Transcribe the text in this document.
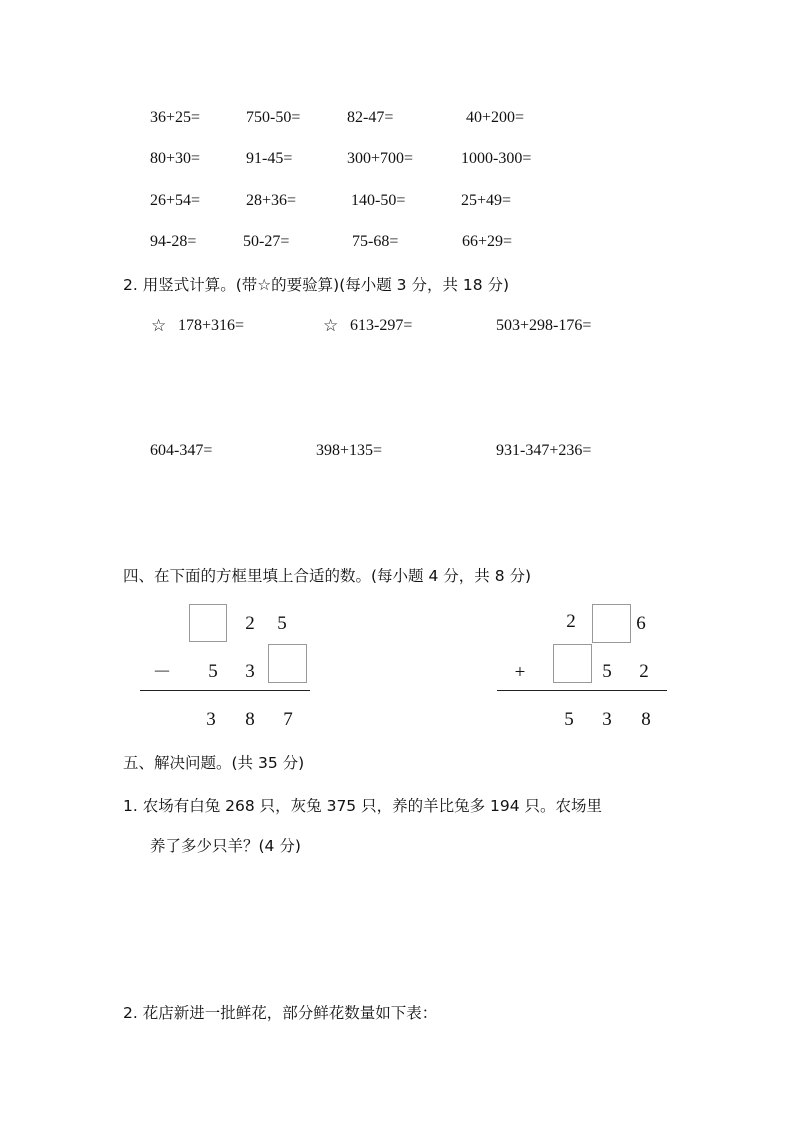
36+25=	750-50=	82-47=	40+200=
80+30=	91-45=	300+700=	1000-300=
26+54=	28+36=	140-50=	25+49=
94-28=	50-27=	75-68=	66+29=
2. 用竖式计算。(带☆的要验算)(每小题 3 分，共 18 分)
☆ 178+316=	☆ 613-297=	503+298-176=
604-347=	398+135=	931-347+236=
四、在下面的方框里填上合适的数。(每小题 4 分，共 8 分)
2 5
－ 5 3
3 8 7
2	6
+	5 2
5 3 8
五、解决问题。(共 35 分)
1. 农场有白兔 268 只，灰兔 375 只，养的羊比兔多 194 只。农场里
养了多少只羊？(4 分)
2. 花店新进一批鲜花，部分鲜花数量如下表：
